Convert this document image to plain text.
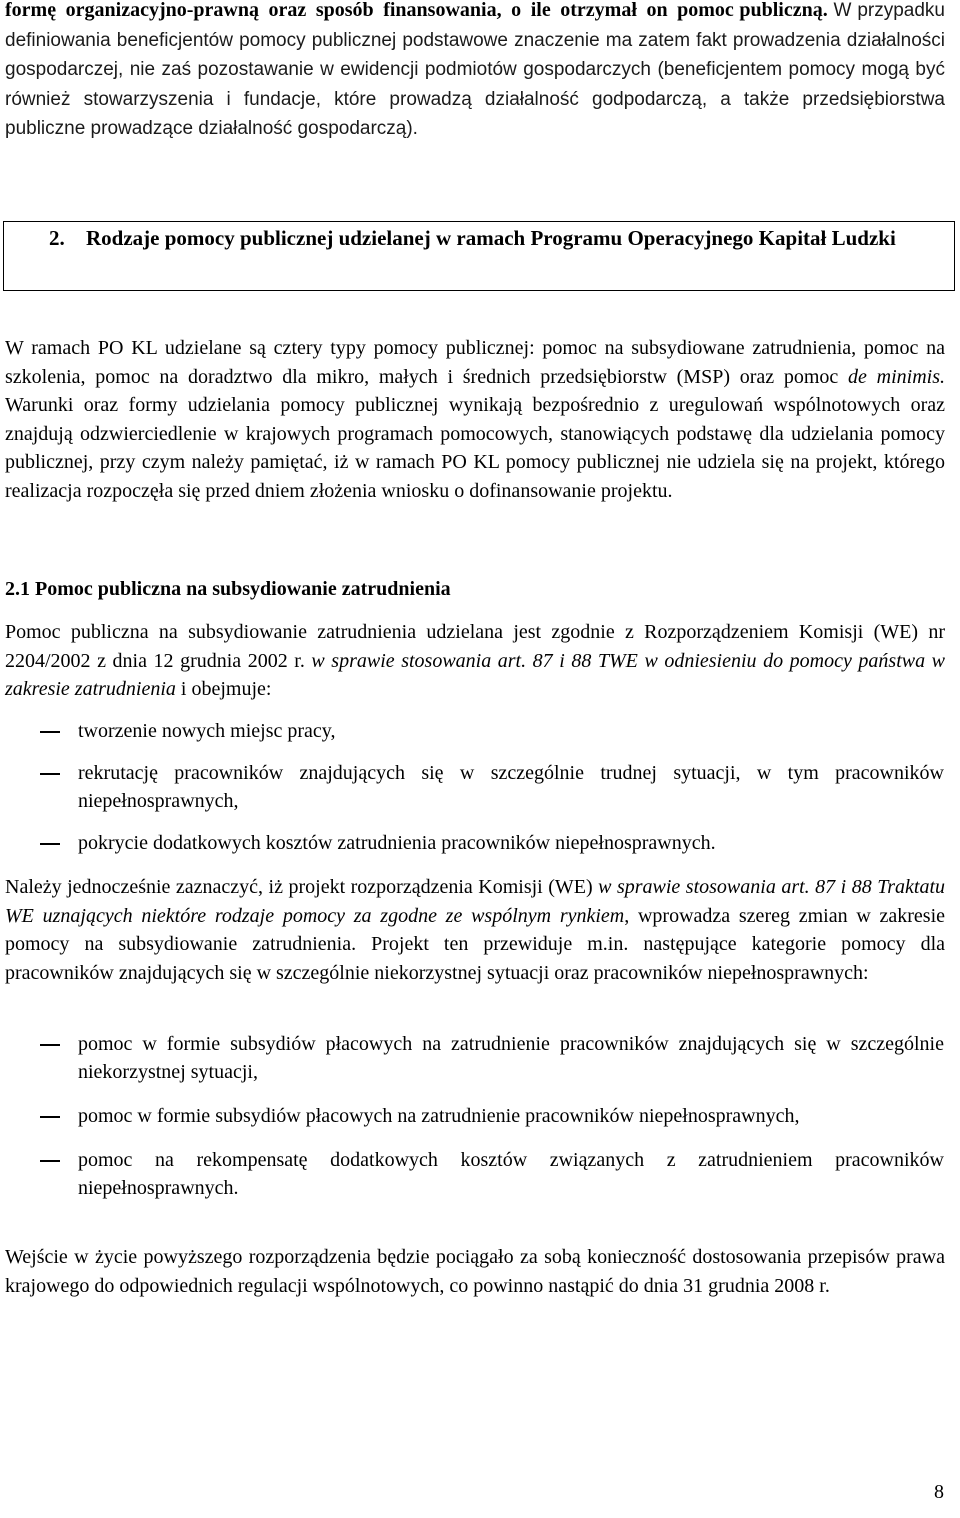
formę organizacyjno-prawną oraz sposób finansowania, o ile otrzymał on pomoc publiczną. W przypadku definiowania beneficjentów pomocy publicznej podstawowe znaczenie ma zatem fakt prowadzenia działalności gospodarczej, nie zaś pozostawanie w ewidencji podmiotów gospodarczych (beneficjentem pomocy mogą być również stowarzyszenia i fundacje, które prowadzą działalność godpodarczą, a także przedsiębiorstwa publiczne prowadzące działalność gospodarczą).

2. Rodzaje pomocy publicznej udzielanej w ramach Programu Operacyjnego Kapitał Ludzki

W ramach PO KL udzielane są cztery typy pomocy publicznej: pomoc na subsydiowane zatrudnienia, pomoc na szkolenia, pomoc na doradztwo dla mikro, małych i średnich przedsiębiorstw (MSP) oraz pomoc de minimis. Warunki oraz formy udzielania pomocy publicznej wynikają bezpośrednio z uregulowań wspólnotowych oraz znajdują odzwierciedlenie w krajowych programach pomocowych, stanowiących podstawę dla udzielania pomocy publicznej, przy czym należy pamiętać, iż w ramach PO KL pomocy publicznej nie udziela się na projekt, którego realizacja rozpoczęła się przed dniem złożenia wniosku o dofinansowanie projektu.

2.1 Pomoc publiczna na subsydiowanie zatrudnienia

Pomoc publiczna na subsydiowanie zatrudnienia udzielana jest zgodnie z Rozporządzeniem Komisji (WE) nr 2204/2002 z dnia 12 grudnia 2002 r. w sprawie stosowania art. 87 i 88 TWE w odniesieniu do pomocy państwa w zakresie zatrudnienia i obejmuje:

tworzenie nowych miejsc pracy,
rekrutację pracowników znajdujących się w szczególnie trudnej sytuacji, w tym pracowników niepełnosprawnych,
pokrycie dodatkowych kosztów zatrudnienia pracowników niepełnosprawnych.

Należy jednocześnie zaznaczyć, iż projekt rozporządzenia Komisji (WE) w sprawie stosowania art. 87 i 88 Traktatu WE uznających niektóre rodzaje pomocy za zgodne ze wspólnym rynkiem, wprowadza szereg zmian w zakresie pomocy na subsydiowanie zatrudnienia. Projekt ten przewiduje m.in. następujące kategorie pomocy dla pracowników znajdujących się w szczególnie niekorzystnej sytuacji oraz pracowników niepełnosprawnych:

pomoc w formie subsydiów płacowych na zatrudnienie pracowników znajdujących się w szczególnie niekorzystnej sytuacji,
pomoc w formie subsydiów płacowych na zatrudnienie pracowników niepełnosprawnych,
pomoc na rekompensatę dodatkowych kosztów związanych z zatrudnieniem pracowników niepełnosprawnych.

Wejście w życie powyższego rozporządzenia będzie pociągało za sobą konieczność dostosowania przepisów prawa krajowego do odpowiednich regulacji wspólnotowych, co powinno nastąpić do dnia 31 grudnia 2008 r.

8
